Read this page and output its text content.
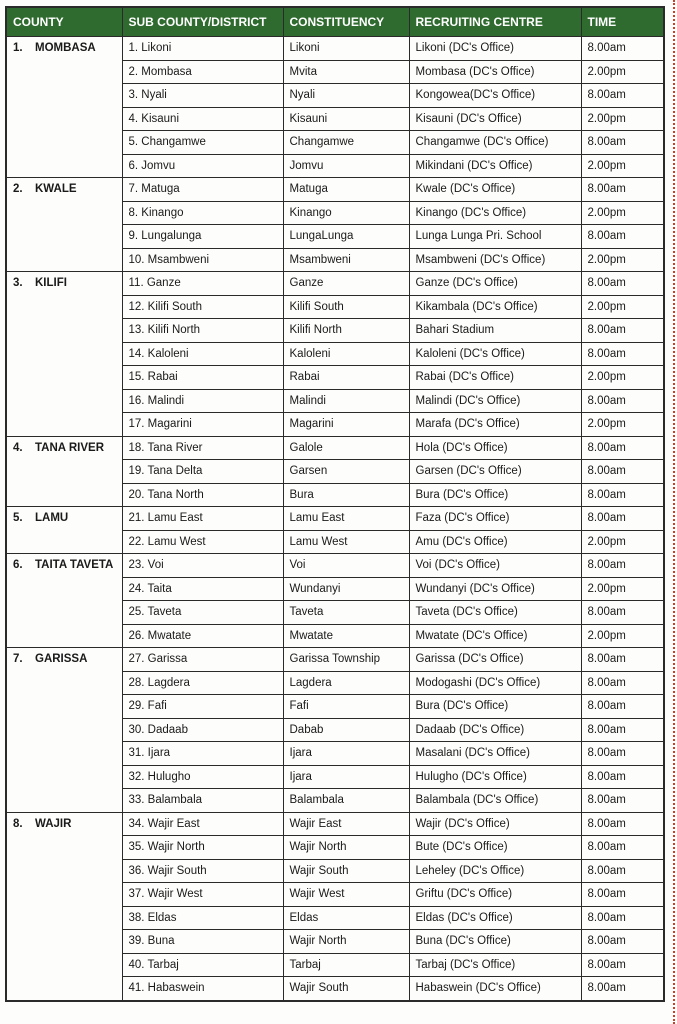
COUNTY	SUB COUNTY/DISTRICT	CONSTITUENCY	RECRUITING CENTRE	TIME
1. MOMBASA	1. Likoni	Likoni	Likoni (DC's Office)	8.00am
	2. Mombasa	Mvita	Mombasa (DC's Office)	2.00pm
	3. Nyali	Nyali	Kongowea(DC's Office)	8.00am
	4. Kisauni	Kisauni	Kisauni (DC's Office)	2.00pm
	5. Changamwe	Changamwe	Changamwe (DC's Office)	8.00am
	6. Jomvu	Jomvu	Mikindani (DC's Office)	2.00pm
2. KWALE	7. Matuga	Matuga	Kwale (DC's Office)	8.00am
	8. Kinango	Kinango	Kinango (DC's Office)	2.00pm
	9. Lungalunga	LungaLunga	Lunga Lunga Pri. School	8.00am
	10. Msambweni	Msambweni	Msambweni (DC's Office)	2.00pm
3. KILIFI	11. Ganze	Ganze	Ganze (DC's Office)	8.00am
	12. Kilifi South	Kilifi South	Kikambala (DC's Office)	2.00pm
	13. Kilifi North	Kilifi North	Bahari Stadium	8.00am
	14. Kaloleni	Kaloleni	Kaloleni (DC's Office)	8.00am
	15. Rabai	Rabai	Rabai (DC's Office)	2.00pm
	16. Malindi	Malindi	Malindi (DC's Office)	8.00am
	17. Magarini	Magarini	Marafa (DC's Office)	2.00pm
4. TANA RIVER	18. Tana River	Galole	Hola (DC's Office)	8.00am
	19. Tana Delta	Garsen	Garsen (DC's Office)	8.00am
	20. Tana North	Bura	Bura (DC's Office)	8.00am
5. LAMU	21. Lamu East	Lamu East	Faza (DC's Office)	8.00am
	22. Lamu West	Lamu West	Amu (DC's Office)	2.00pm
6. TAITA TAVETA	23. Voi	Voi	Voi (DC's Office)	8.00am
	24. Taita	Wundanyi	Wundanyi (DC's Office)	2.00pm
	25. Taveta	Taveta	Taveta (DC's Office)	8.00am
	26. Mwatate	Mwatate	Mwatate (DC's Office)	2.00pm
7. GARISSA	27. Garissa	Garissa Township	Garissa (DC's Office)	8.00am
	28. Lagdera	Lagdera	Modogashi (DC's Office)	8.00am
	29. Fafi	Fafi	Bura (DC's Office)	8.00am
	30. Dadaab	Dabab	Dadaab (DC's Office)	8.00am
	31. Ijara	Ijara	Masalani (DC's Office)	8.00am
	32. Hulugho	Ijara	Hulugho (DC's Office)	8.00am
	33. Balambala	Balambala	Balambala (DC's Office)	8.00am
8. WAJIR	34. Wajir East	Wajir East	Wajir (DC's Office)	8.00am
	35. Wajir North	Wajir North	Bute (DC's Office)	8.00am
	36. Wajir South	Wajir South	Leheley (DC's Office)	8.00am
	37. Wajir West	Wajir West	Griftu (DC's Office)	8.00am
	38. Eldas	Eldas	Eldas (DC's Office)	8.00am
	39. Buna	Wajir North	Buna (DC's Office)	8.00am
	40. Tarbaj	Tarbaj	Tarbaj (DC's Office)	8.00am
	41. Habaswein	Wajir South	Habaswein (DC's Office)	8.00am
